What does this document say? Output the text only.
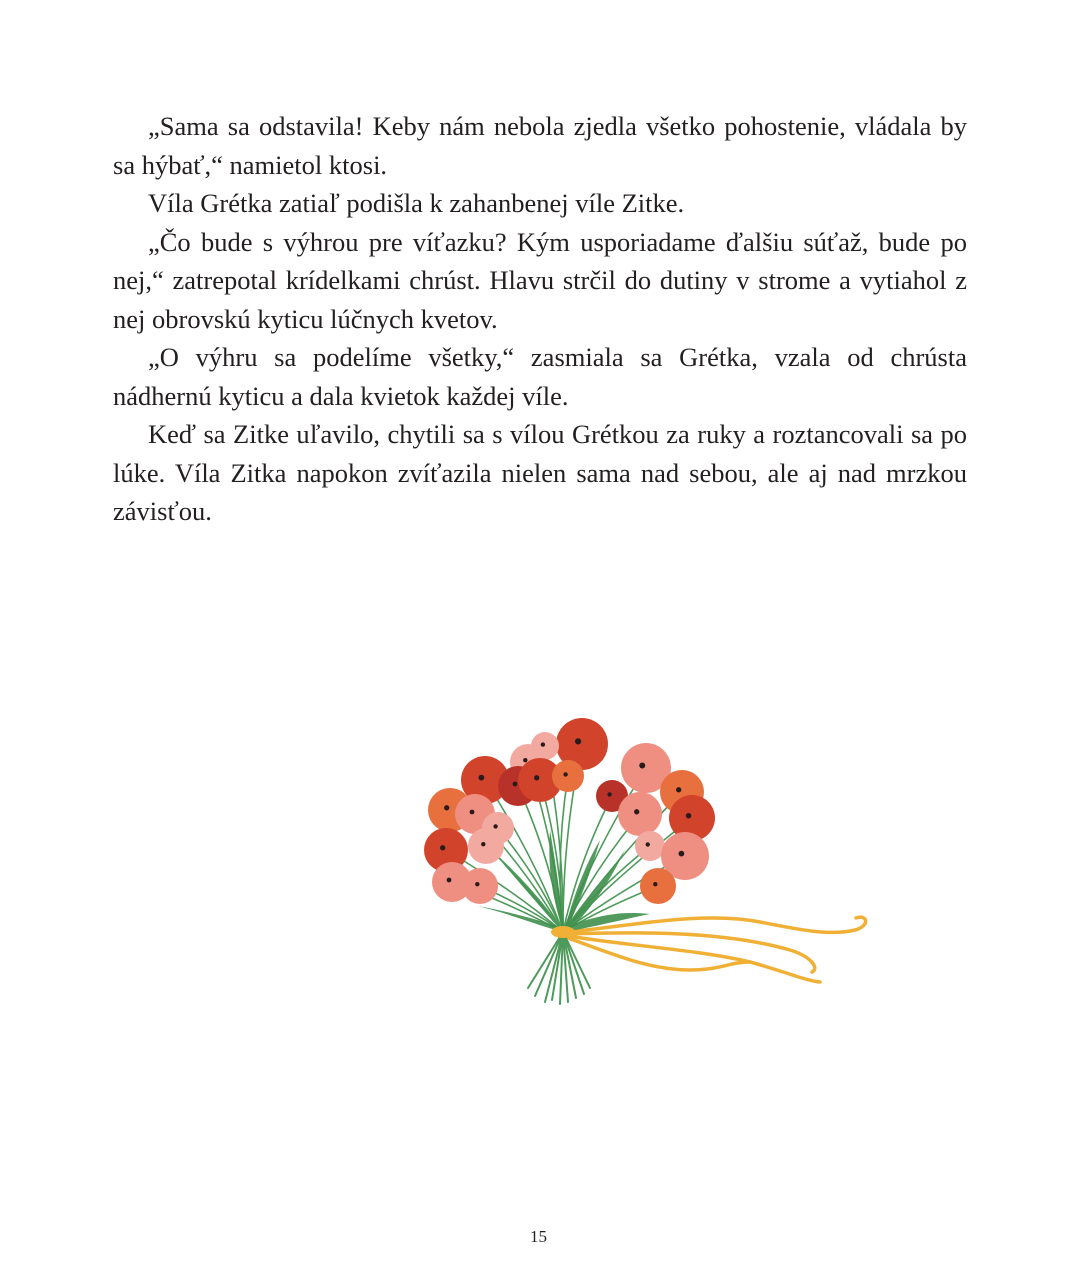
„Sama sa odstavila! Keby nám nebola zjedla všetko pohostenie, vládala by sa hýbať,“ namietol ktosi.

Víla Grétka zatiaľ podišla k zahanbenej víle Zitke.

„Čo bude s výhrou pre víťazku? Kým usporiadame ďalšiu súťaž, bude po nej,“ zatrepotal krídelkami chrúst. Hlavu strčil do dutiny v strome a vytiahol z nej obrovskú kyticu lúčnych kvetov.

„O výhru sa podelíme všetky,“ zasmiala sa Grétka, vzala od chrústa nádhernú kyticu a dala kvietok každej víle.

Keď sa Zitke uľavilo, chytili sa s vílou Grétkou za ruky a roztancovali sa po lúke. Víla Zitka napokon zvíťazila nielen sama nad sebou, ale aj nad mrzkou závisťou.

15
